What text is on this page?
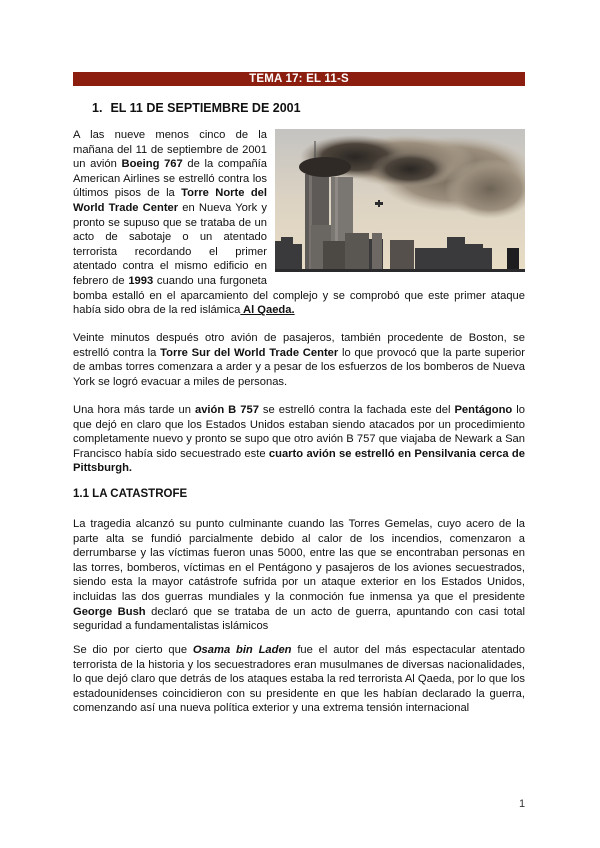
TEMA 17: EL 11-S
1. EL 11 DE SEPTIEMBRE DE 2001
A las nueve menos cinco de la mañana del 11 de septiembre de 2001 un avión Boeing 767 de la compañía American Airlines se estrelló contra los últimos pisos de la Torre Norte del World Trade Center en Nueva York y pronto se supuso que se trataba de un acto de sabotaje o un atentado terrorista recordando el primer atentado contra el mismo edificio en febrero de 1993 cuando una furgoneta bomba estalló en el aparcamiento del complejo y se comprobó que este primer ataque había sido obra de la red islámica Al Qaeda.
Veinte minutos después otro avión de pasajeros, también procedente de Boston, se estrelló contra la Torre Sur del World Trade Center lo que provocó que la parte superior de ambas torres comenzara a arder y a pesar de los esfuerzos de los bomberos de Nueva York se logró evacuar a miles de personas.
Una hora más tarde un avión B 757 se estrelló contra la fachada este del Pentágono lo que dejó en claro que los Estados Unidos estaban siendo atacados por un procedimiento completamente nuevo y pronto se supo que otro avión B 757 que viajaba de Newark a San Francisco había sido secuestrado este cuarto avión se estrelló en Pensilvania cerca de Pittsburgh.
1.1 LA CATASTROFE
La tragedia alcanzó su punto culminante cuando las Torres Gemelas, cuyo acero de la parte alta se fundió parcialmente debido al calor de los incendios, comenzaron a derrumbarse y las víctimas fueron unas 5000, entre las que se encontraban personas en las torres, bomberos, víctimas en el Pentágono y pasajeros de los aviones secuestrados, siendo esta la mayor catástrofe sufrida por un ataque exterior en los Estados Unidos, incluidas las dos guerras mundiales y la conmoción fue inmensa ya que el presidente George Bush declaró que se trataba de un acto de guerra, apuntando con casi total seguridad a fundamentalistas islámicos
Se dio por cierto que Osama bin Laden fue el autor del más espectacular atentado terrorista de la historia y los secuestradores eran musulmanes de diversas nacionalidades, lo que dejó claro que detrás de los ataques estaba la red terrorista Al Qaeda, por lo que los estadounidenses coincidieron con su presidente en que les habían declarado la guerra, comenzando así una nueva política exterior y una extrema tensión internacional
1
